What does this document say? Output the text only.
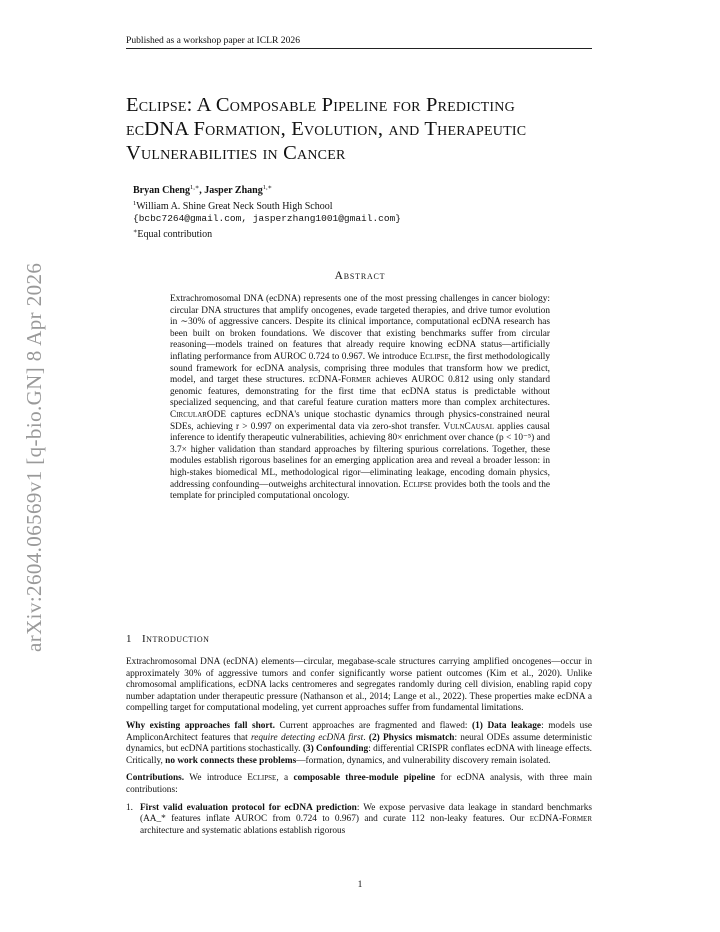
Published as a workshop paper at ICLR 2026
arXiv:2604.06569v1 [q-bio.GN] 8 Apr 2026
Eclipse: A Composable Pipeline for Predicting
ecDNA Formation, Evolution, and Therapeutic
Vulnerabilities in Cancer
Bryan Cheng$^{1,∗}$, Jasper Zhang$^{1,∗}$
$^1$William A. Shine Great Neck South High School
{bcbc7264@gmail.com, jasperzhang1001@gmail.com}
∗Equal contribution
Abstract
Extrachromosomal DNA (ecDNA) represents one of the most pressing challenges in cancer biology: circular DNA structures that amplify oncogenes, evade targeted therapies, and drive tumor evolution in ∼30% of aggressive cancers. Despite its clinical importance, computational ecDNA research has been built on broken foundations. We discover that existing benchmarks suffer from circular reasoning—models trained on features that already require knowing ecDNA status—artificially inflating performance from AUROC 0.724 to 0.967. We introduce Eclipse, the first methodologically sound framework for ecDNA analysis, comprising three modules that transform how we predict, model, and target these structures. ecDNA-Former achieves AUROC 0.812 using only standard genomic features, demonstrating for the first time that ecDNA status is predictable without specialized sequencing, and that careful feature curation matters more than complex architectures. CircularODE captures ecDNA's unique stochastic dynamics through physics-constrained neural SDEs, achieving r > 0.997 on experimental data via zero-shot transfer. VulnCausal applies causal inference to identify therapeutic vulnerabilities, achieving 80× enrichment over chance (p < 10⁻⁵) and 3.7× higher validation than standard approaches by filtering spurious correlations. Together, these modules establish rigorous baselines for an emerging application area and reveal a broader lesson: in high-stakes biomedical ML, methodological rigor—eliminating leakage, encoding domain physics, addressing confounding—outweighs architectural innovation. Eclipse provides both the tools and the template for principled computational oncology.
1 Introduction

Extrachromosomal DNA (ecDNA) elements—circular, megabase-scale structures carrying amplified oncogenes—occur in approximately 30% of aggressive tumors and confer significantly worse patient outcomes (Kim et al., 2020). Unlike chromosomal amplifications, ecDNA lacks centromeres and segregates randomly during cell division, enabling rapid copy number adaptation under therapeutic pressure (Nathanson et al., 2014; Lange et al., 2022). These properties make ecDNA a compelling target for computational modeling, yet current approaches suffer from fundamental limitations.

Why existing approaches fall short. Current approaches are fragmented and flawed: (1) Data leakage: models use AmpliconArchitect features that require detecting ecDNA first. (2) Physics mismatch: neural ODEs assume deterministic dynamics, but ecDNA partitions stochastically. (3) Confounding: differential CRISPR conflates ecDNA with lineage effects. Critically, no work connects these problems—formation, dynamics, and vulnerability discovery remain isolated.

Contributions. We introduce Eclipse, a composable three-module pipeline for ecDNA analysis, with three main contributions:

1. First valid evaluation protocol for ecDNA prediction: We expose pervasive data leakage in standard benchmarks (AA_* features inflate AUROC from 0.724 to 0.967) and curate 112 non-leaky features. Our ecDNA-Former architecture and systematic ablations establish rigorous
1
